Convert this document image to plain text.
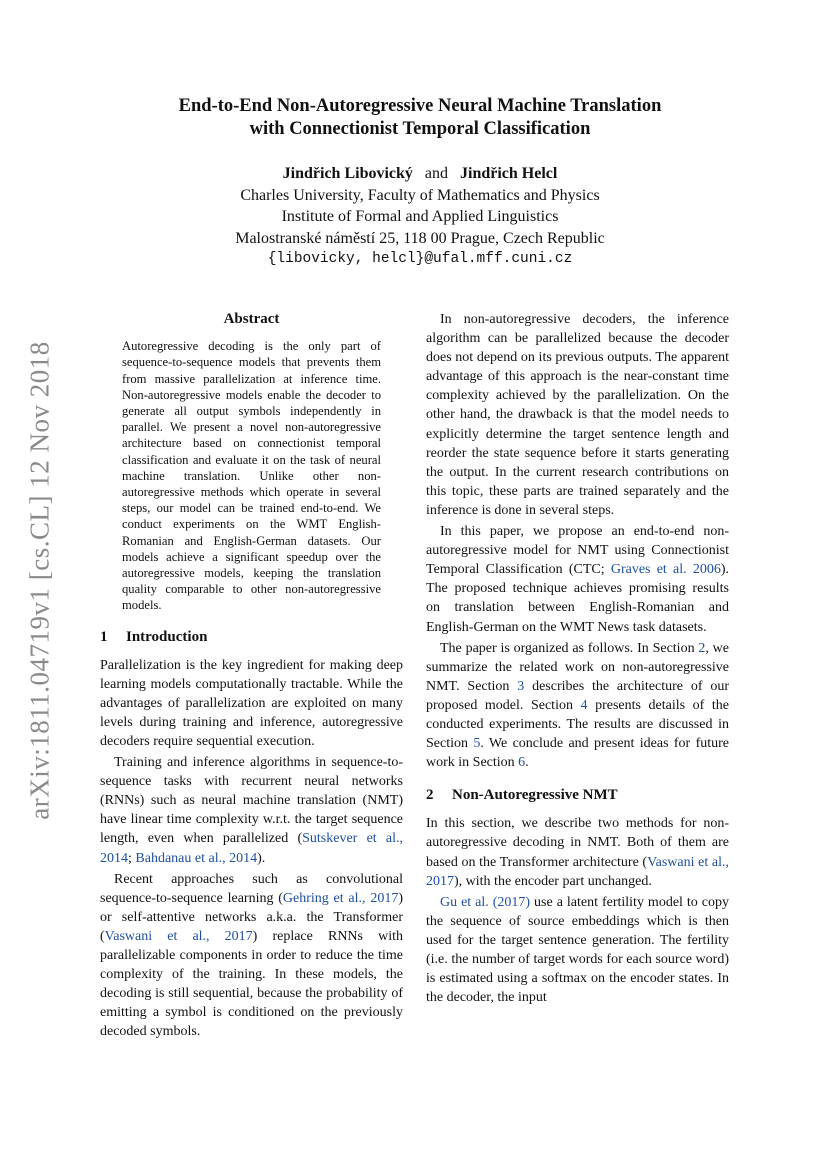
arXiv:1811.04719v1 [cs.CL] 12 Nov 2018
End-to-End Non-Autoregressive Neural Machine Translation
with Connectionist Temporal Classification
Jindřich Libovický and Jindřich Helcl
Charles University, Faculty of Mathematics and Physics
Institute of Formal and Applied Linguistics
Malostranské náměstí 25, 118 00 Prague, Czech Republic
{libovicky, helcl}@ufal.mff.cuni.cz
Abstract
Autoregressive decoding is the only part of sequence-to-sequence models that prevents them from massive parallelization at inference time. Non-autoregressive models enable the decoder to generate all output symbols independently in parallel. We present a novel non-autoregressive architecture based on connectionist temporal classification and evaluate it on the task of neural machine translation. Unlike other non-autoregressive methods which operate in several steps, our model can be trained end-to-end. We conduct experiments on the WMT English-Romanian and English-German datasets. Our models achieve a significant speedup over the autoregressive models, keeping the translation quality comparable to other non-autoregressive models.
1 Introduction

Parallelization is the key ingredient for making deep learning models computationally tractable. While the advantages of parallelization are exploited on many levels during training and inference, autoregressive decoders require sequential execution.

Training and inference algorithms in sequence-to-sequence tasks with recurrent neural networks (RNNs) such as neural machine translation (NMT) have linear time complexity w.r.t. the target sequence length, even when parallelized (Sutskever et al., 2014; Bahdanau et al., 2014).

Recent approaches such as convolutional sequence-to-sequence learning (Gehring et al., 2017) or self-attentive networks a.k.a. the Transformer (Vaswani et al., 2017) replace RNNs with parallelizable components in order to reduce the time complexity of the training. In these models, the decoding is still sequential, because the probability of emitting a symbol is conditioned on the previously decoded symbols.

In non-autoregressive decoders, the inference algorithm can be parallelized because the decoder does not depend on its previous outputs. The apparent advantage of this approach is the near-constant time complexity achieved by the parallelization. On the other hand, the drawback is that the model needs to explicitly determine the target sentence length and reorder the state sequence before it starts generating the output. In the current research contributions on this topic, these parts are trained separately and the inference is done in several steps.

In this paper, we propose an end-to-end non-autoregressive model for NMT using Connectionist Temporal Classification (CTC; Graves et al. 2006). The proposed technique achieves promising results on translation between English-Romanian and English-German on the WMT News task datasets.

The paper is organized as follows. In Section 2, we summarize the related work on non-autoregressive NMT. Section 3 describes the architecture of our proposed model. Section 4 presents details of the conducted experiments. The results are discussed in Section 5. We conclude and present ideas for future work in Section 6.

2 Non-Autoregressive NMT

In this section, we describe two methods for non-autoregressive decoding in NMT. Both of them are based on the Transformer architecture (Vaswani et al., 2017), with the encoder part unchanged.

Gu et al. (2017) use a latent fertility model to copy the sequence of source embeddings which is then used for the target sentence generation. The fertility (i.e. the number of target words for each source word) is estimated using a softmax on the encoder states. In the decoder, the input
